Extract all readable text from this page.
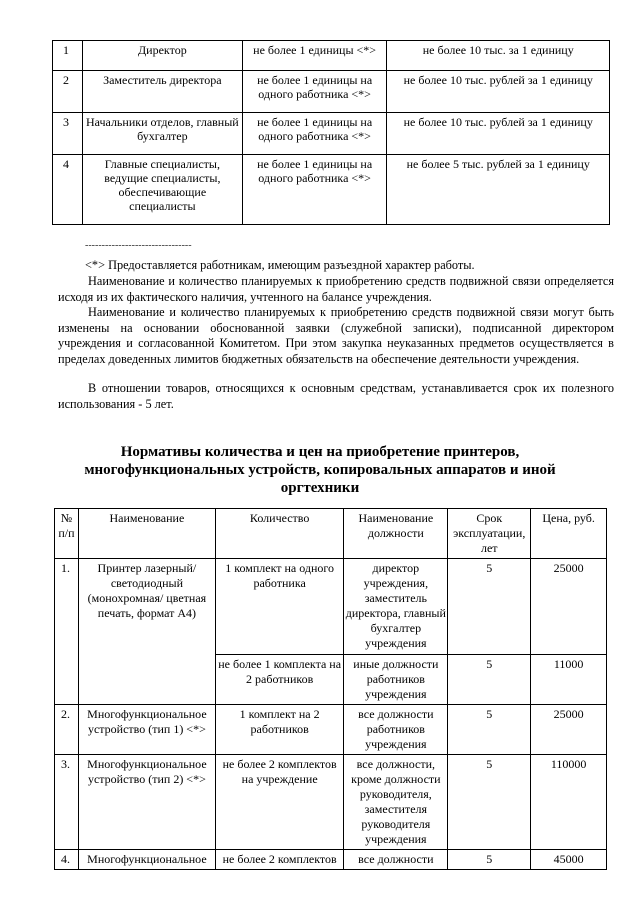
1	Директор	не более 1 единицы <*>	не более 10 тыс. за 1 единицу
2	Заместитель директора	не более 1 единицы на одного работника <*>	не более 10 тыс. рублей за 1 единицу
3	Начальники отделов, главный бухгалтер	не более 1 единицы на одного работника <*>	не более 10 тыс. рублей за 1 единицу
4	Главные специалисты, ведущие специалисты, обеспечивающие специалисты	не более 1 единицы на одного работника <*>	не более 5 тыс. рублей за 1 единицу
--------------------------------

<*> Предоставляется работникам, имеющим разъездной характер работы.

Наименование и количество планируемых к приобретению средств подвижной связи определяется исходя из их фактического наличия, учтенного на балансе учреждения.

Наименование и количество планируемых к приобретению средств подвижной связи могут быть изменены на основании обоснованной заявки (служебной записки), подписанной директором учреждения и согласованной Комитетом. При этом закупка неуказанных предметов осуществляется в пределах доведенных лимитов бюджетных обязательств на обеспечение деятельности учреждения.

В отношении товаров, относящихся к основным средствам, устанавливается срок их полезного использования - 5 лет.

Нормативы количества и цен на приобретение принтеров, многофункциональных устройств, копировальных аппаратов и иной оргтехники

№ п/п	Наименование	Количество	Наименование должности	Срок эксплуатации, лет	Цена, руб.
1.	Принтер лазерный/ светодиодный (монохромная/ цветная печать, формат А4)	1 комплект на одного работника	директор учреждения, заместитель директора, главный бухгалтер учреждения	5	25000
		не более 1 комплекта на 2 работников	иные должности работников учреждения	5	11000
2.	Многофункциональное устройство (тип 1) <*>	1 комплект на 2 работников	все должности работников учреждения	5	25000
3.	Многофункциональное устройство (тип 2) <*>	не более 2 комплектов на учреждение	все должности, кроме должности руководителя, заместителя руководителя учреждения	5	110000
4.	Многофункциональное	не более 2 комплектов	все должности	5	45000
